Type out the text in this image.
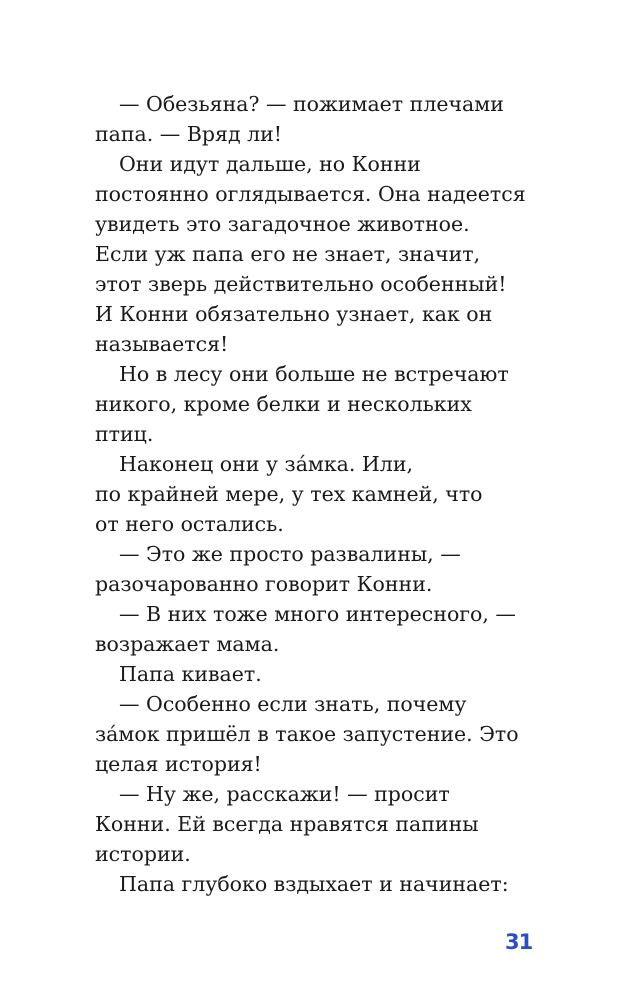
— Обезьяна? — пожимает плечами
папа. — Вряд ли!
Они идут дальше, но Конни
постоянно оглядывается. Она надеется
увидеть это загадочное животное.
Если уж папа его не знает, значит,
этот зверь действительно особенный!
И Конни обязательно узнает, как он
называется!
Но в лесу они больше не встречают
никого, кроме белки и нескольких
птиц.
Наконец они у за́мка. Или,
по крайней мере, у тех камней, что
от него остались.
— Это же просто развалины, —
разочарованно говорит Конни.
— В них тоже много интересного, —
возражает мама.
Папа кивает.
— Особенно если знать, почему
за́мок пришёл в такое запустение. Это
целая история!
— Ну же, расскажи! — просит
Конни. Ей всегда нравятся папины
истории.
Папа глубоко вздыхает и начинает:
31
